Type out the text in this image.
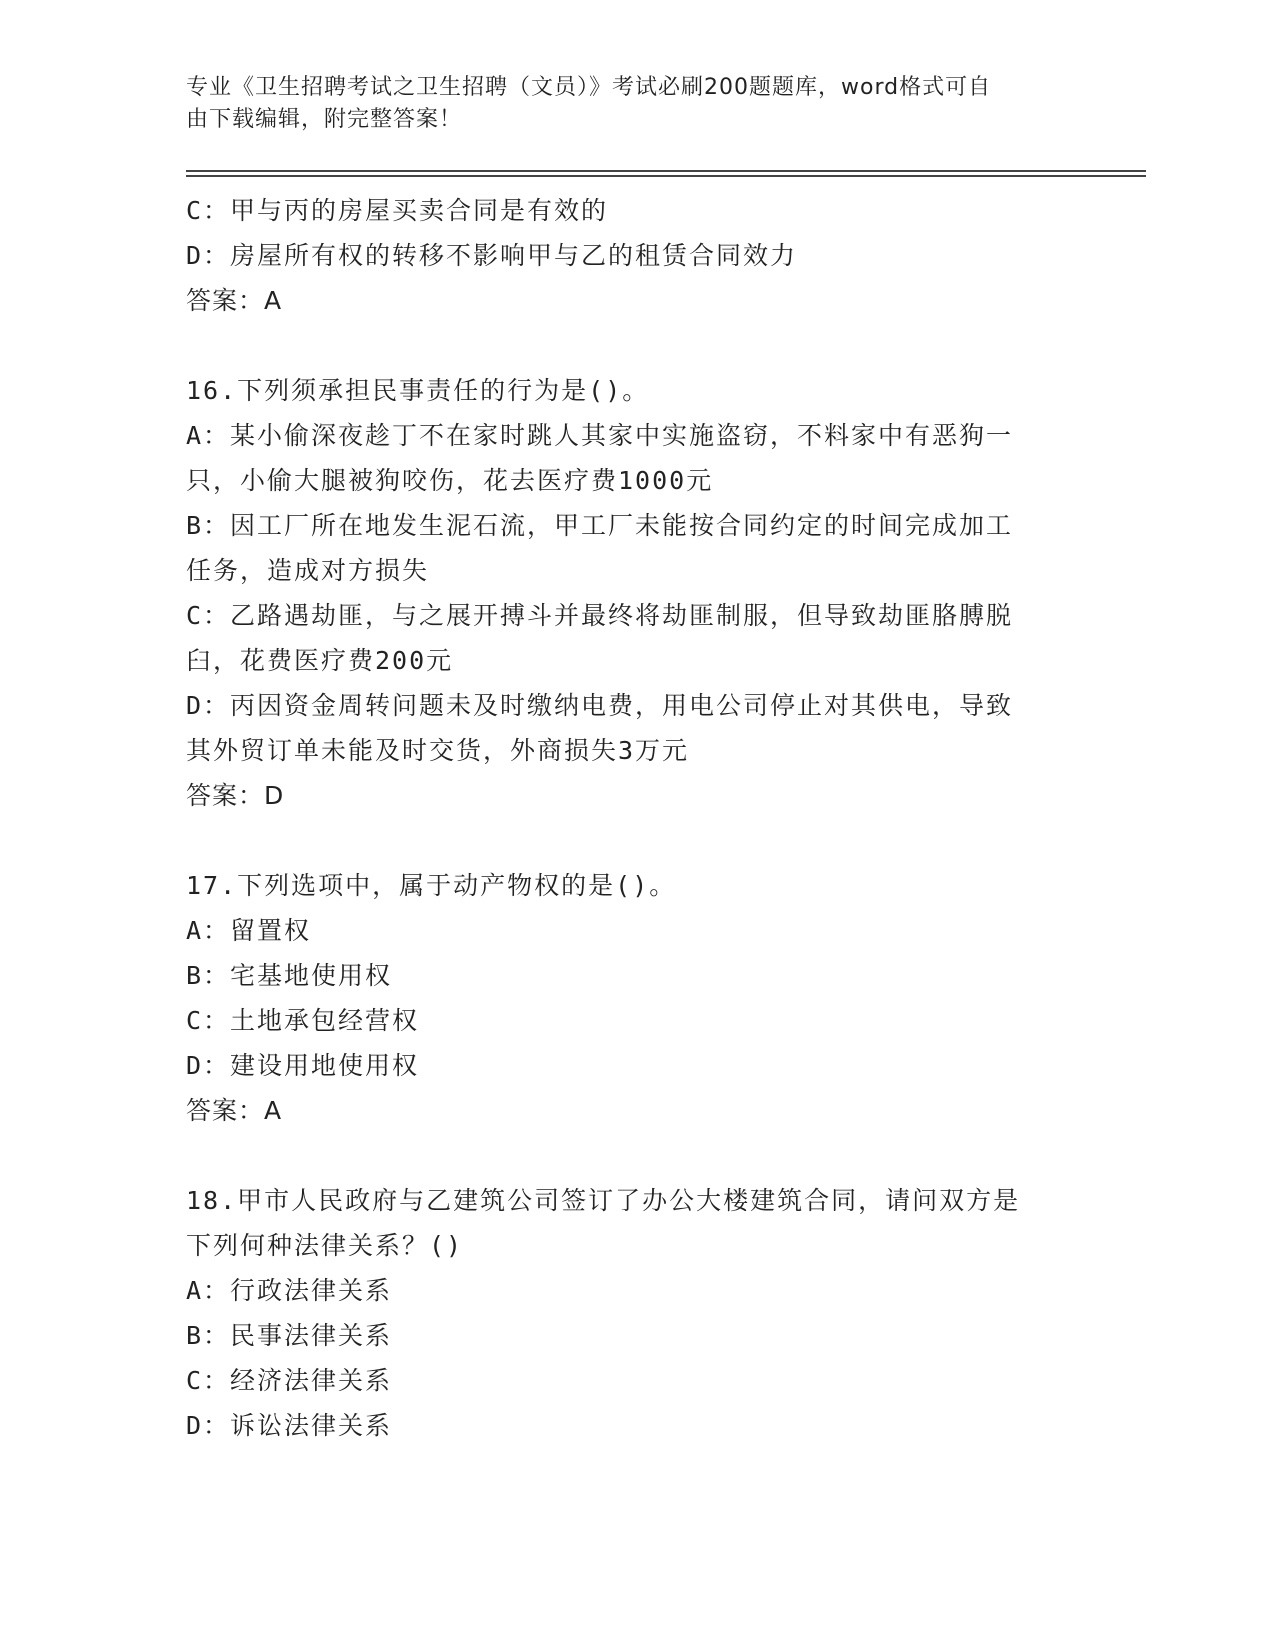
专业《卫生招聘考试之卫生招聘（文员）》考试必刷200题题库，word格式可自
由下载编辑，附完整答案！
C：甲与丙的房屋买卖合同是有效的
D：房屋所有权的转移不影响甲与乙的租赁合同效力
答案：A
16.下列须承担民事责任的行为是()。
A：某小偷深夜趁丁不在家时跳人其家中实施盗窃，不料家中有恶狗一
只，小偷大腿被狗咬伤，花去医疗费1000元
B：因工厂所在地发生泥石流，甲工厂未能按合同约定的时间完成加工
任务，造成对方损失
C：乙路遇劫匪，与之展开搏斗并最终将劫匪制服，但导致劫匪胳膊脱
臼，花费医疗费200元
D：丙因资金周转问题未及时缴纳电费，用电公司停止对其供电，导致
其外贸订单未能及时交货，外商损失3万元
答案：D
17.下列选项中，属于动产物权的是()。
A：留置权
B：宅基地使用权
C：土地承包经营权
D：建设用地使用权
答案：A
18.甲市人民政府与乙建筑公司签订了办公大楼建筑合同，请问双方是
下列何种法律关系？()
A：行政法律关系
B：民事法律关系
C：经济法律关系
D：诉讼法律关系
